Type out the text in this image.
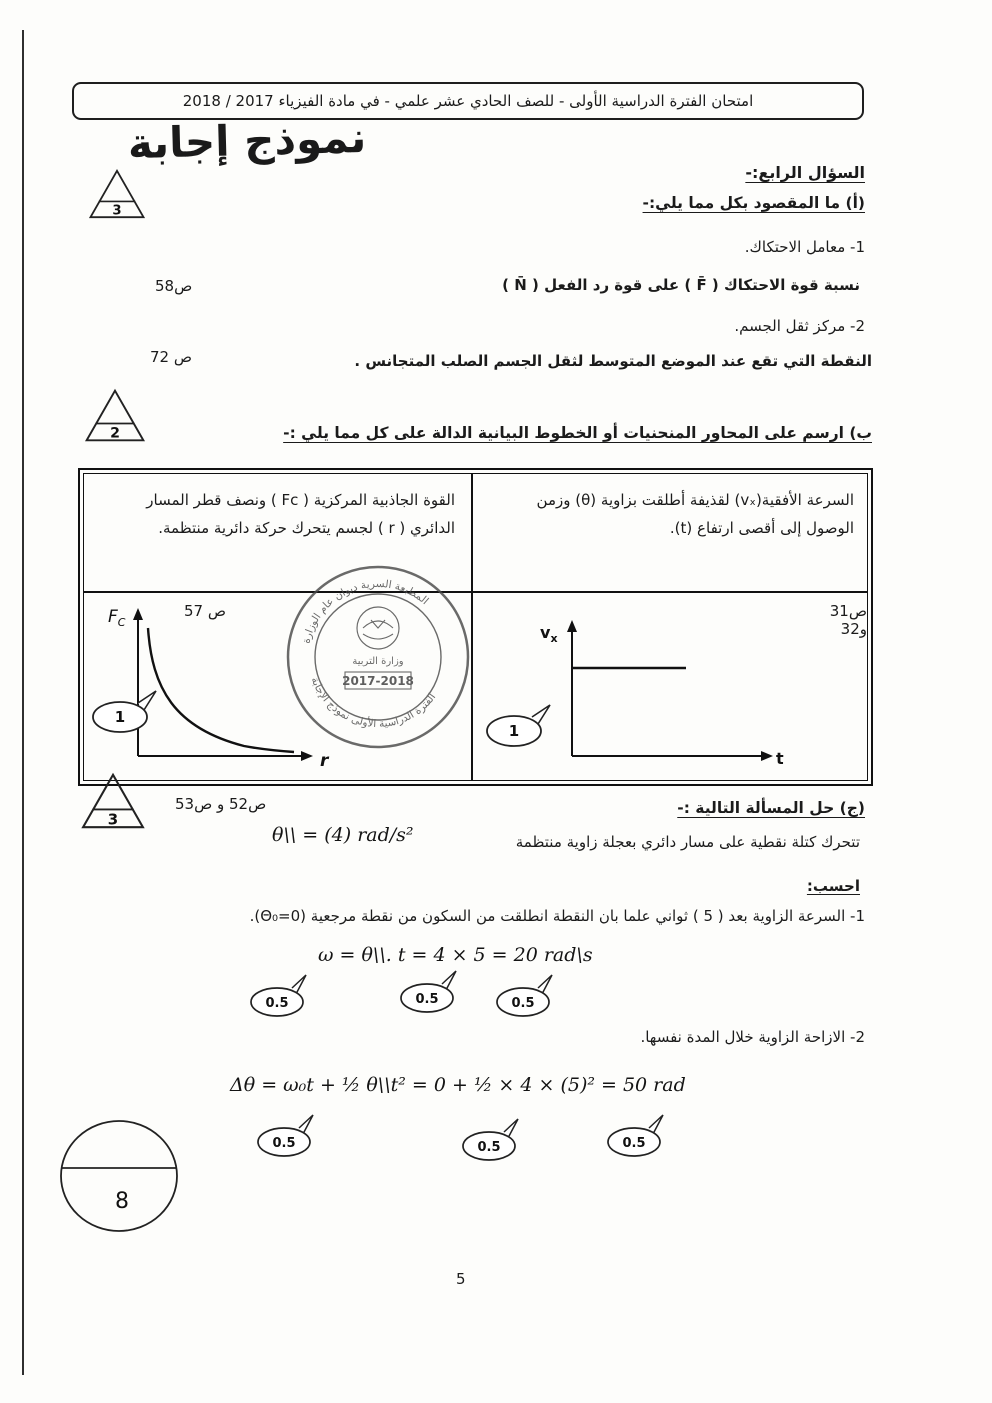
امتحان الفترة الدراسية الأولى - للصف الحادي عشر علمي - في مادة الفيزياء 2017 / 2018
نموذج إجابة
السؤال الرابع:-
3	(أ) ما المقصود بكل مما يلي:-
1- معامل الاحتكاك.
نسبة قوة الاحتكاك ( F̄ ) على قوة رد الفعل ( N̄ )
ص58
2- مركز ثقل الجسم.
النقطة التي تقع عند الموضع المتوسط لثقل الجسم الصلب المتجانس .
ص 72
2	ب) ارسم على المحاور المنحنيات أو الخطوط البيانية الدالة على كل مما يلي :-
السرعة الأفقية(vₓ) لقذيفة أطلقت بزاوية (θ) وزمن الوصول إلى أقصى ارتفاع (t).
القوة الجاذبية المركزية ( Fc ) ونصف قطر المسار الدائري ( r ) لجسم يتحرك حركة دائرية منتظمة.
ص 57
$F_C$
r
1
ص31 و32
$v_x$
t
1
المطبعة السرية ديوان عام الوزارة
الفترة الدراسية الأولى نموذج الإجابة
وزارة التربية
2017-2018
3
ص52 و ص53	(ج) حل المسألة التالية :-
θ\\ = (4) rad/s²	تتحرك كتلة نقطية على مسار دائري بعجلة زاوية منتظمة
احسب:
1- السرعة الزاوية بعد ( 5 ) ثواني علما بان النقطة انطلقت من السكون من نقطة مرجعية (Θ₀=0).
ω = θ\\. t = 4 × 5 = 20 rad\s
0.5	0.5	0.5
2- الازاحة الزاوية خلال المدة نفسها.
Δθ = ω₀t + ½ θ\\t² = 0 + ½ × 4 × (5)² = 50 rad
0.5	0.5	0.5
8
5
